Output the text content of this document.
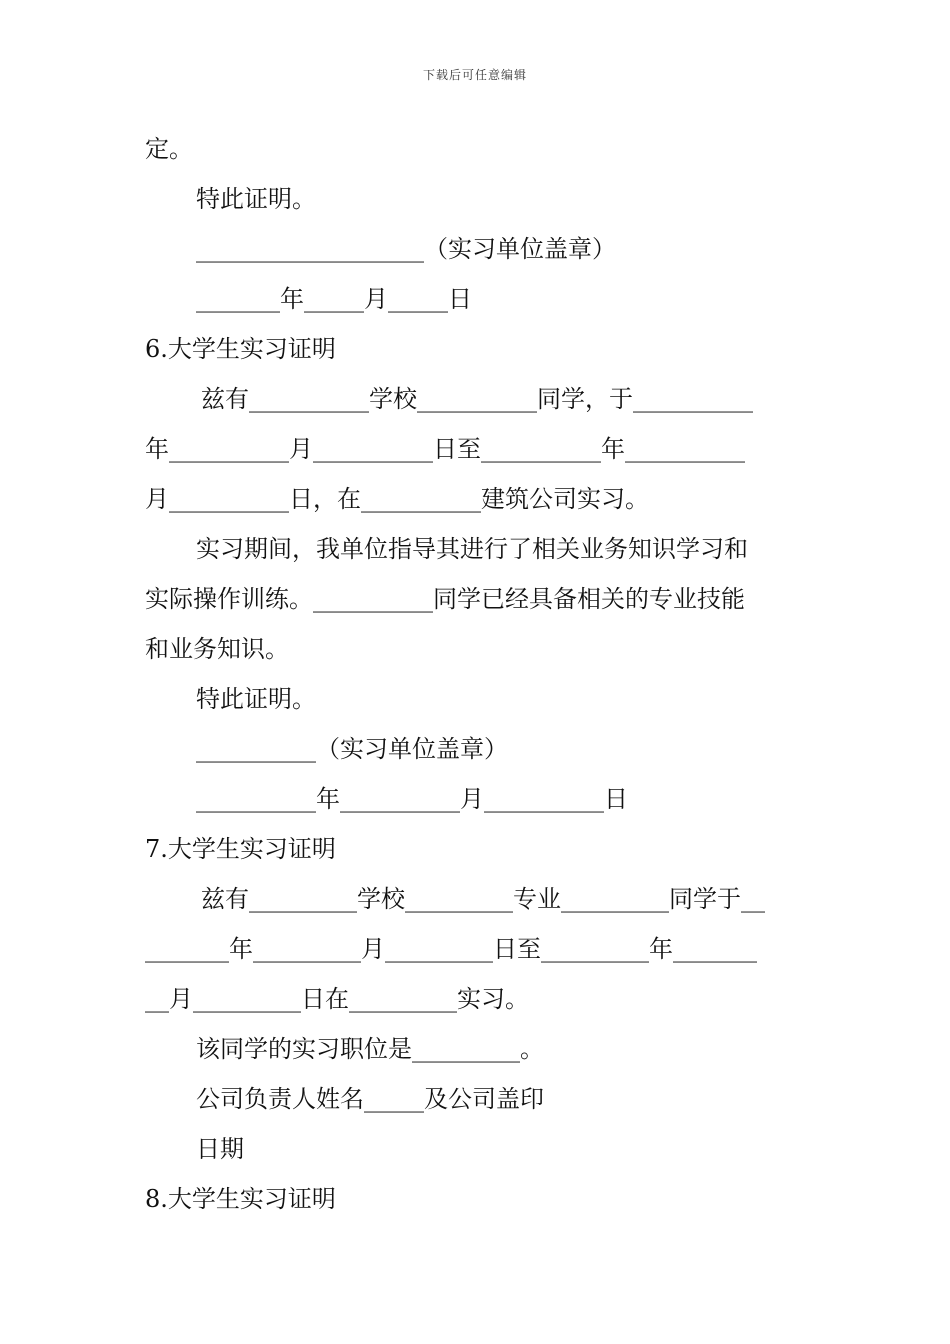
下载后可任意编辑
定。
特此证明。
___________________（实习单位盖章）
_______年_____月_____日
6.大学生实习证明
兹有__________学校__________同学，于__________
年__________月__________日至__________年__________
月__________日，在__________建筑公司实习。
实习期间，我单位指导其进行了相关业务知识学习和
实际操作训练。__________同学已经具备相关的专业技能
和业务知识。
特此证明。
__________（实习单位盖章）
__________年__________月__________日
7.大学生实习证明
兹有_________学校_________专业_________同学于__
_______年_________月_________日至_________年_______
__月_________日在_________实习。
该同学的实习职位是_________。
公司负责人姓名_____及公司盖印
日期
8.大学生实习证明
